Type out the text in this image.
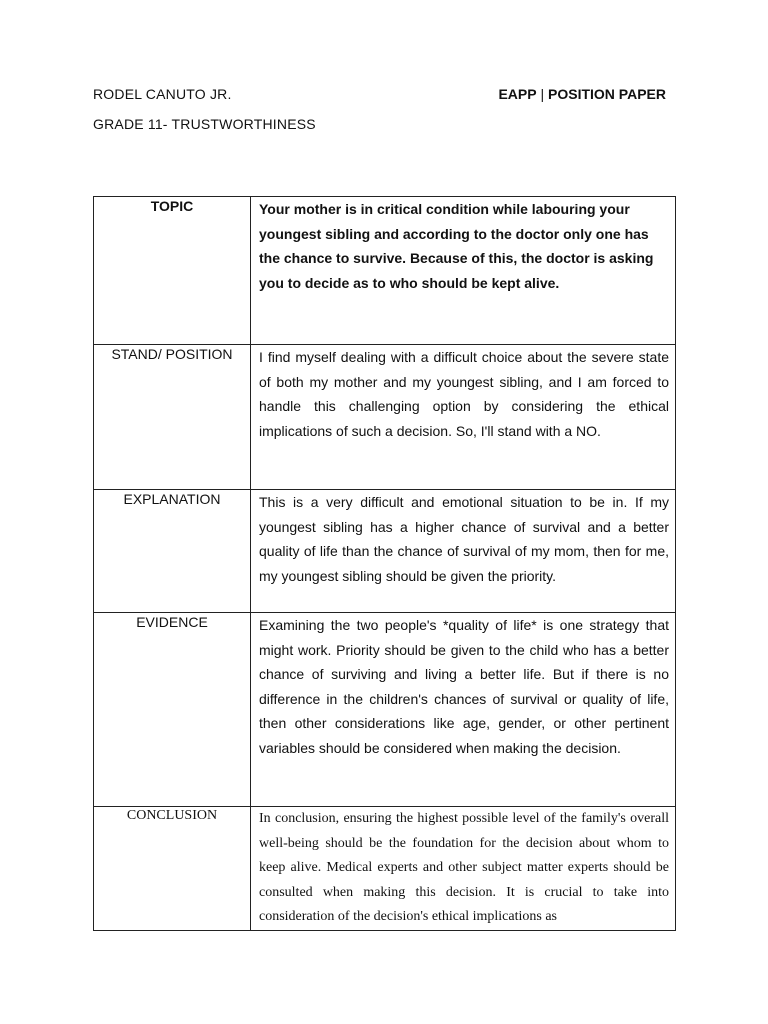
RODEL CANUTO JR.	EAPP | POSITION PAPER
GRADE 11- TRUSTWORTHINESS
TOPIC	Your mother is in critical condition while labouring your youngest sibling and according to the doctor only one has the chance to survive. Because of this, the doctor is asking you to decide as to who should be kept alive.

STAND/ POSITION	I find myself dealing with a difficult choice about the severe state of both my mother and my youngest sibling, and I am forced to handle this challenging option by considering the ethical implications of such a decision. So, I'll stand with a NO.

EXPLANATION	This is a very difficult and emotional situation to be in. If my youngest sibling has a higher chance of survival and a better quality of life than the chance of survival of my mom, then for me, my youngest sibling should be given the priority.

EVIDENCE	Examining the two people's *quality of life* is one strategy that might work. Priority should be given to the child who has a better chance of surviving and living a better life. But if there is no difference in the children's chances of survival or quality of life, then other considerations like age, gender, or other pertinent variables should be considered when making the decision.

CONCLUSION	In conclusion, ensuring the highest possible level of the family's overall well-being should be the foundation for the decision about whom to keep alive. Medical experts and other subject matter experts should be consulted when making this decision. It is crucial to take into consideration of the decision's ethical implications as
